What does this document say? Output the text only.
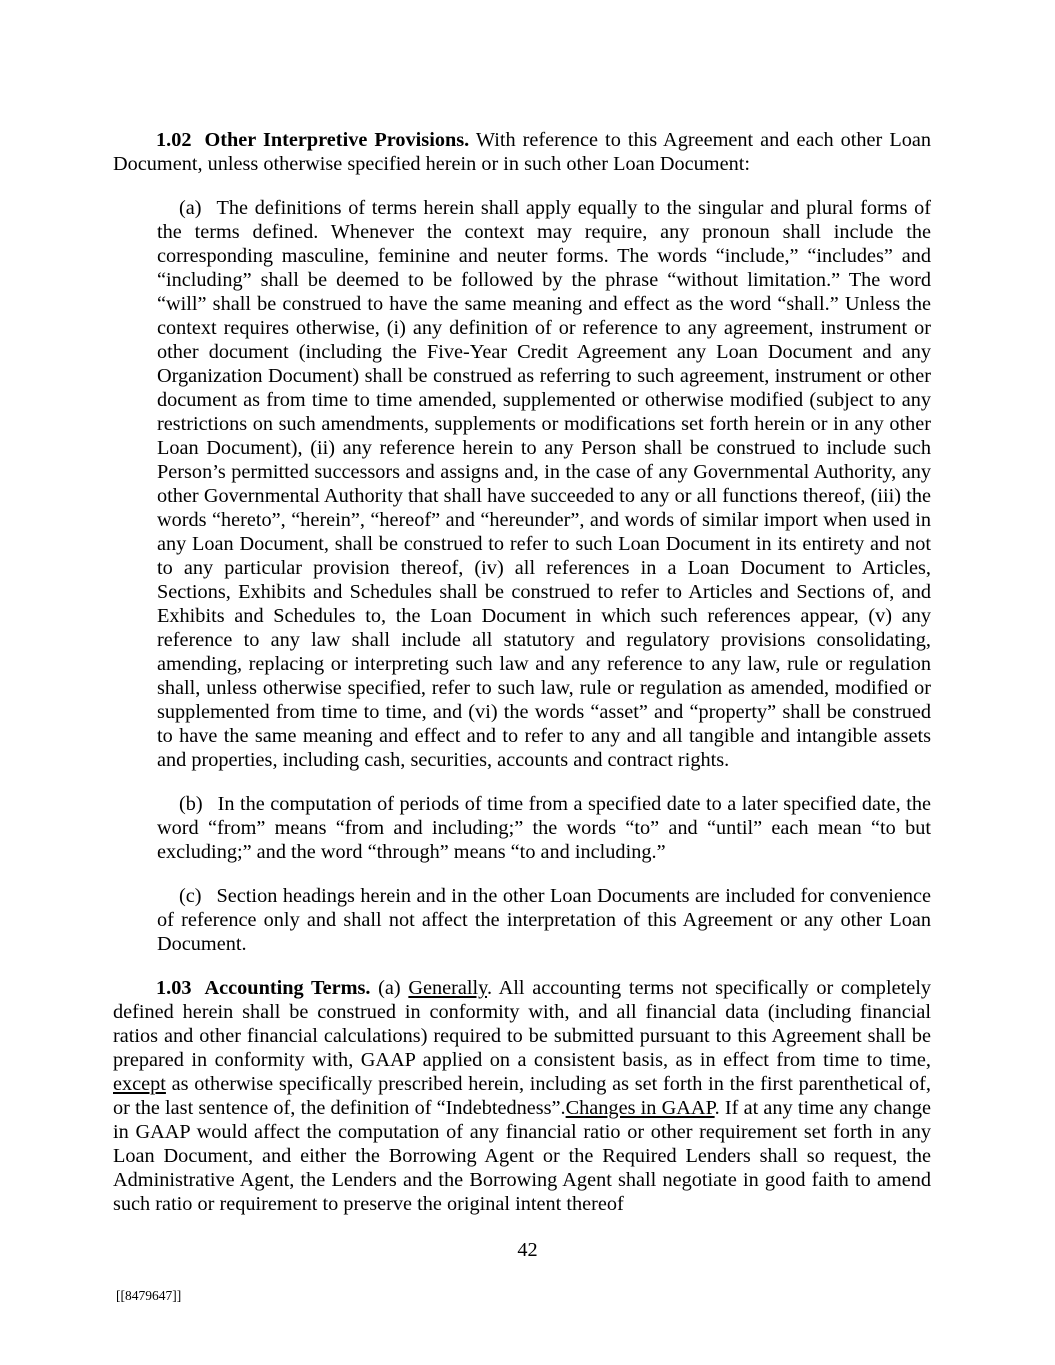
1.02 Other Interpretive Provisions. With reference to this Agreement and each other Loan Document, unless otherwise specified herein or in such other Loan Document:

(a) The definitions of terms herein shall apply equally to the singular and plural forms of the terms defined. Whenever the context may require, any pronoun shall include the corresponding masculine, feminine and neuter forms. The words “include,” “includes” and “including” shall be deemed to be followed by the phrase “without limitation.” The word “will” shall be construed to have the same meaning and effect as the word “shall.” Unless the context requires otherwise, (i) any definition of or reference to any agreement, instrument or other document (including the Five-Year Credit Agreement any Loan Document and any Organization Document) shall be construed as referring to such agreement, instrument or other document as from time to time amended, supplemented or otherwise modified (subject to any restrictions on such amendments, supplements or modifications set forth herein or in any other Loan Document), (ii) any reference herein to any Person shall be construed to include such Person’s permitted successors and assigns and, in the case of any Governmental Authority, any other Governmental Authority that shall have succeeded to any or all functions thereof, (iii) the words “hereto”, “herein”, “hereof” and “hereunder”, and words of similar import when used in any Loan Document, shall be construed to refer to such Loan Document in its entirety and not to any particular provision thereof, (iv) all references in a Loan Document to Articles, Sections, Exhibits and Schedules shall be construed to refer to Articles and Sections of, and Exhibits and Schedules to, the Loan Document in which such references appear, (v) any reference to any law shall include all statutory and regulatory provisions consolidating, amending, replacing or interpreting such law and any reference to any law, rule or regulation shall, unless otherwise specified, refer to such law, rule or regulation as amended, modified or supplemented from time to time, and (vi) the words “asset” and “property” shall be construed to have the same meaning and effect and to refer to any and all tangible and intangible assets and properties, including cash, securities, accounts and contract rights.

(b) In the computation of periods of time from a specified date to a later specified date, the word “from” means “from and including;” the words “to” and “until” each mean “to but excluding;” and the word “through” means “to and including.”

(c) Section headings herein and in the other Loan Documents are included for convenience of reference only and shall not affect the interpretation of this Agreement or any other Loan Document.

1.03 Accounting Terms. (a) Generally. All accounting terms not specifically or completely defined herein shall be construed in conformity with, and all financial data (including financial ratios and other financial calculations) required to be submitted pursuant to this Agreement shall be prepared in conformity with, GAAP applied on a consistent basis, as in effect from time to time, except as otherwise specifically prescribed herein, including as set forth in the first parenthetical of, or the last sentence of, the definition of “Indebtedness”.Changes in GAAP. If at any time any change in GAAP would affect the computation of any financial ratio or other requirement set forth in any Loan Document, and either the Borrowing Agent or the Required Lenders shall so request, the Administrative Agent, the Lenders and the Borrowing Agent shall negotiate in good faith to amend such ratio or requirement to preserve the original intent thereof

42
[[8479647]]
